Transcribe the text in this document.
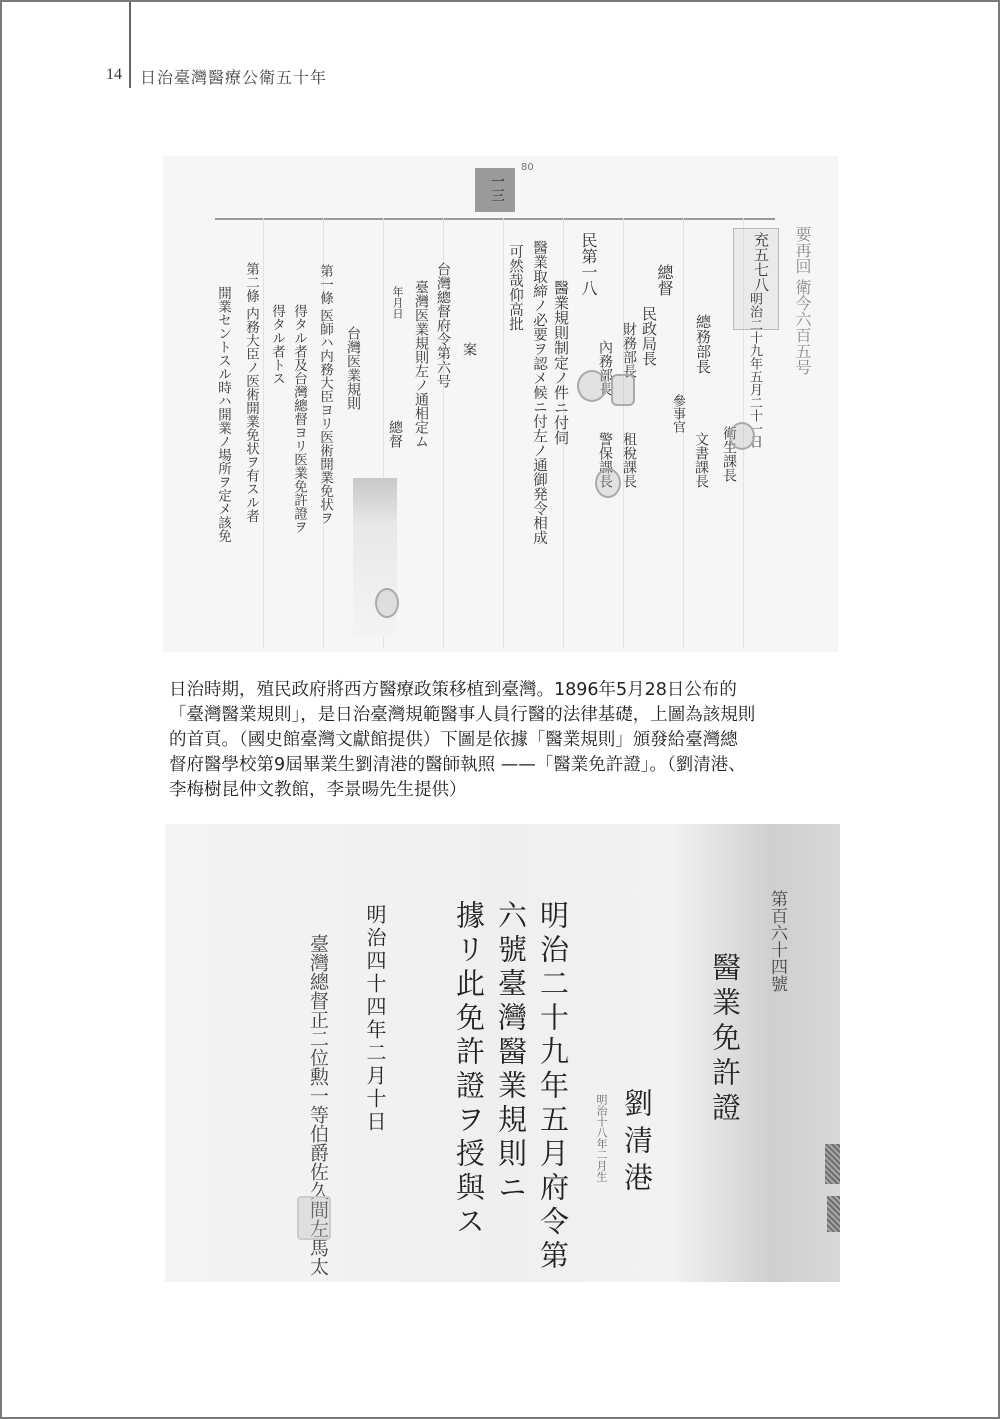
14 日治臺灣醫療公衛五十年
一三
80
要再回 衛今六百五号
明治二十九年五月二十一日
充五七八
衛生課長
總務部長
文書課長
參事官
總督
民政局長
財務部長
租稅課長
內務部長
警保課長
民第一八
醫業規則制定ノ件ニ付伺
醫業取締ノ必要ヲ認メ候ニ付左ノ通御発令相成
可然哉仰高批
案
台灣總督府令第六号
臺灣医業規則左ノ通相定ム
年月日
總督
台灣医業規則
第一條 医師ハ内務大臣ヨリ医術開業免状ヲ
得タル者及台灣總督ヨリ医業免許證ヲ
得タル者トス
第二條 内務大臣ノ医術開業免状ヲ有スル者
開業セントスル時ハ開業ノ場所ヲ定メ該免

日治時期，殖民政府將西方醫療政策移植到臺灣。1896年5月28日公布的

「臺灣醫業規則」，是日治臺灣規範醫事人員行醫的法律基礎，上圖為該規則

的首頁。（國史館臺灣文獻館提供）下圖是依據「醫業規則」頒發給臺灣總

督府醫學校第9屆畢業生劉清港的醫師執照 ——「醫業免許證」。（劉清港、

李梅樹昆仲文教館，李景暘先生提供）

第百六十四號
醫業免許證
劉清港
明治十八年二月生
明治二十九年五月府令第
六號臺灣醫業規則ニ
據リ此免許證ヲ授與ス
明治四十四年二月十日
臺灣總督正二位勲一等伯爵佐久間左馬太
